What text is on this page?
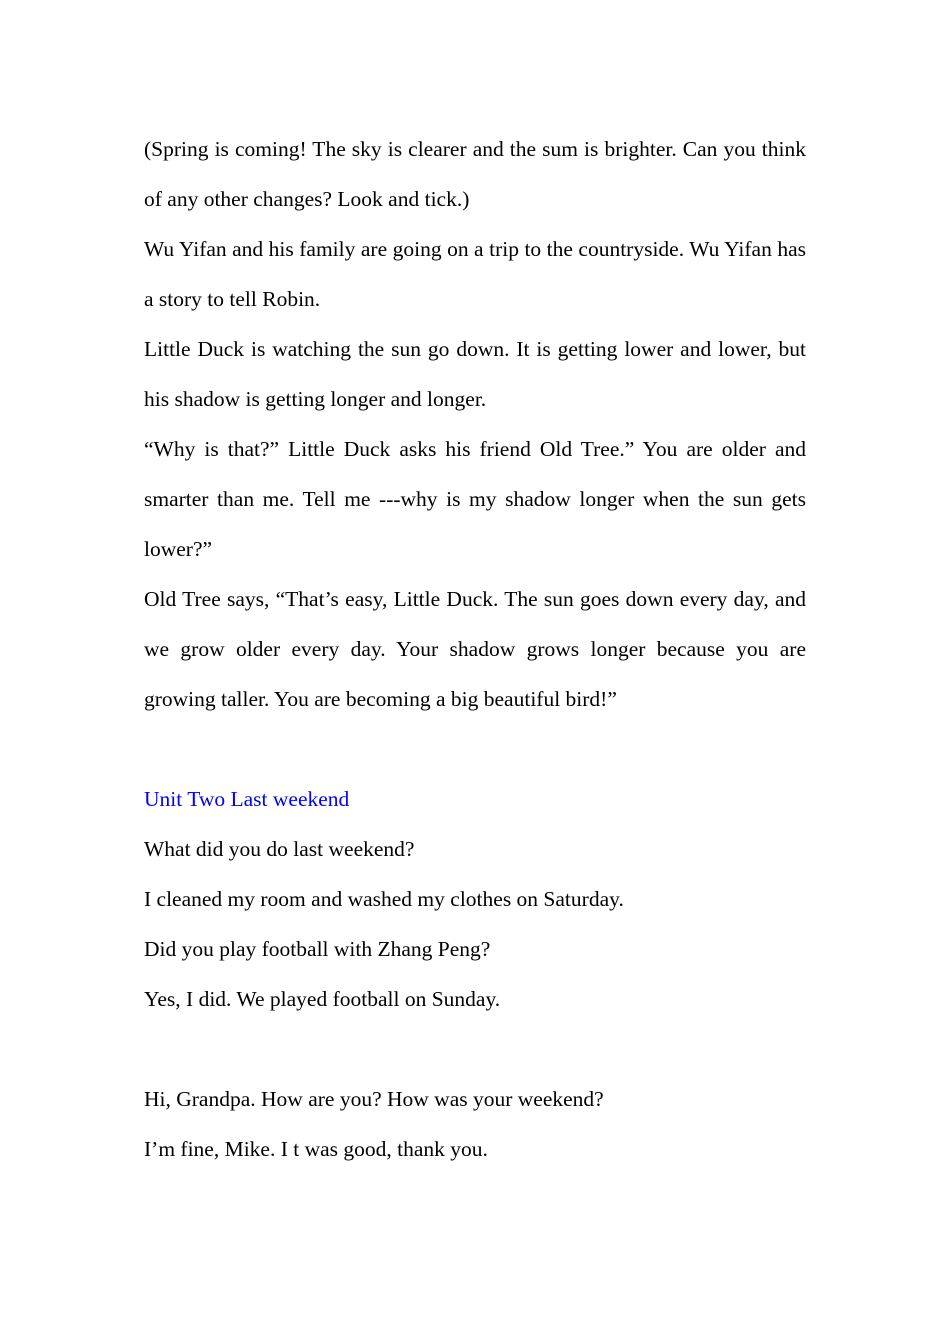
(Spring is coming! The sky is clearer and the sum is brighter. Can you think of any other changes? Look and tick.)

Wu Yifan and his family are going on a trip to the countryside. Wu Yifan has a story to tell Robin.

Little Duck is watching the sun go down. It is getting lower and lower, but his shadow is getting longer and longer.

“Why is that?” Little Duck asks his friend Old Tree.” You are older and smarter than me. Tell me ---why is my shadow longer when the sun gets lower?”

Old Tree says, “That’s easy, Little Duck. The sun goes down every day, and we grow older every day. Your shadow grows longer because you are growing taller. You are becoming a big beautiful bird!”

Unit Two Last weekend

What did you do last weekend?

I cleaned my room and washed my clothes on Saturday.

Did you play football with Zhang Peng?

Yes, I did. We played football on Sunday.

Hi, Grandpa. How are you? How was your weekend?

I’m fine, Mike. I t was good, thank you.
